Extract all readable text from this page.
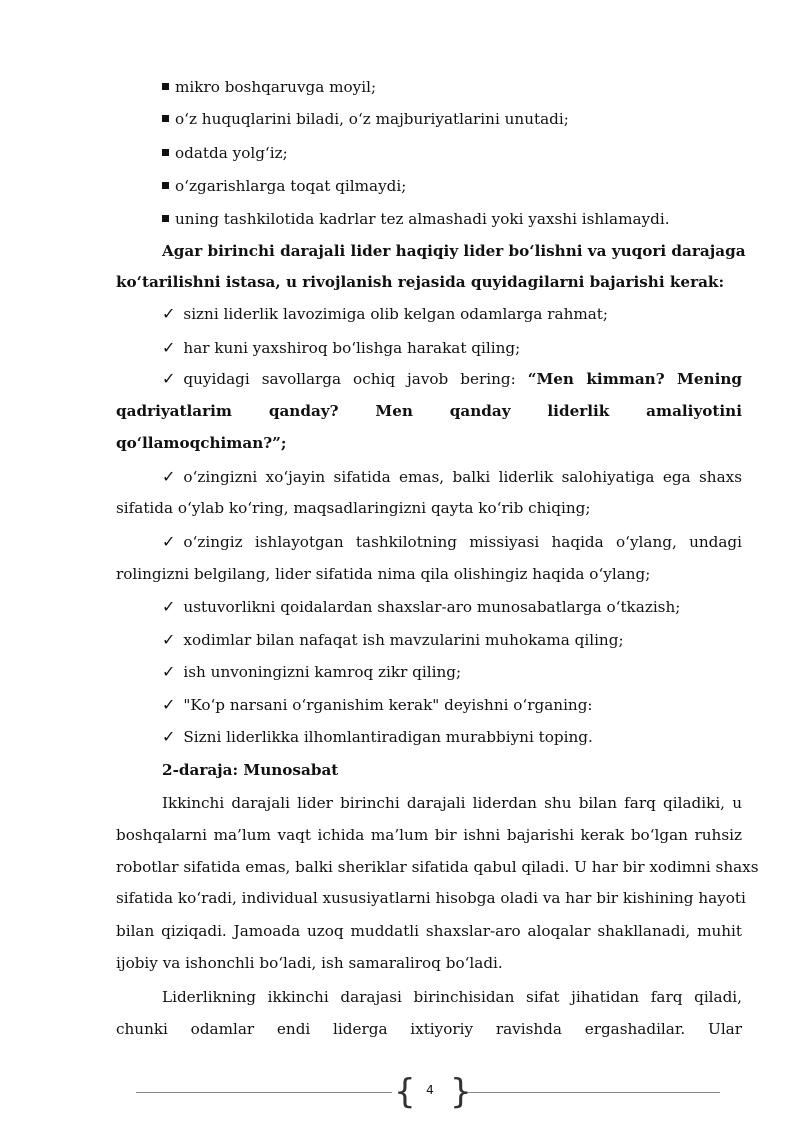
mikro boshqaruvga moyil;
o‘z huquqlarini biladi, o‘z majburiyatlarini unutadi;
odatda yolg‘iz;
o‘zgarishlarga toqat qilmaydi;
uning tashkilotida kadrlar tez almashadi yoki yaxshi ishlamaydi.
Agar birinchi darajali lider haqiqiy lider bo‘lishni va yuqori darajaga
ko‘tarilishni istasa, u rivojlanish rejasida quyidagilarni bajarishi kerak:
✓ sizni liderlik lavozimiga olib kelgan odamlarga rahmat;
✓ har kuni yaxshiroq bo‘lishga harakat qiling;
✓ quyidagi savollarga ochiq javob bering: “Men kimman? Mening
qadriyatlarim qanday? Men qanday liderlik amaliyotini
qo‘llamoqchiman?”;
✓ o‘zingizni xo‘jayin sifatida emas, balki liderlik salohiyatiga ega shaxs
sifatida o‘ylab ko‘ring, maqsadlaringizni qayta ko‘rib chiqing;
✓ o‘zingiz ishlayotgan tashkilotning missiyasi haqida o‘ylang, undagi
rolingizni belgilang, lider sifatida nima qila olishingiz haqida o‘ylang;
✓ ustuvorlikni qoidalardan shaxslar-aro munosabatlarga o‘tkazish;
✓ xodimlar bilan nafaqat ish mavzularini muhokama qiling;
✓ ish unvoningizni kamroq zikr qiling;
✓ "Ko‘p narsani o‘rganishim kerak" deyishni o‘rganing:
✓ Sizni liderlikka ilhomlantiradigan murabbiyni toping.
2-daraja: Munosabat
Ikkinchi darajali lider birinchi darajali liderdan shu bilan farq qiladiki, u
boshqalarni ma’lum vaqt ichida ma’lum bir ishni bajarishi kerak bo‘lgan ruhsiz
robotlar sifatida emas, balki sheriklar sifatida qabul qiladi. U har bir xodimni shaxs
sifatida ko‘radi, individual xususiyatlarni hisobga oladi va har bir kishining hayoti
bilan qiziqadi. Jamoada uzoq muddatli shaxslar-aro aloqalar shakllanadi, muhit
ijobiy va ishonchli bo‘ladi, ish samaraliroq bo‘ladi.
Liderlikning ikkinchi darajasi birinchisidan sifat jihatidan farq qiladi,
chunki odamlar endi liderga ixtiyoriy ravishda ergashadilar. Ular
{ }
4
